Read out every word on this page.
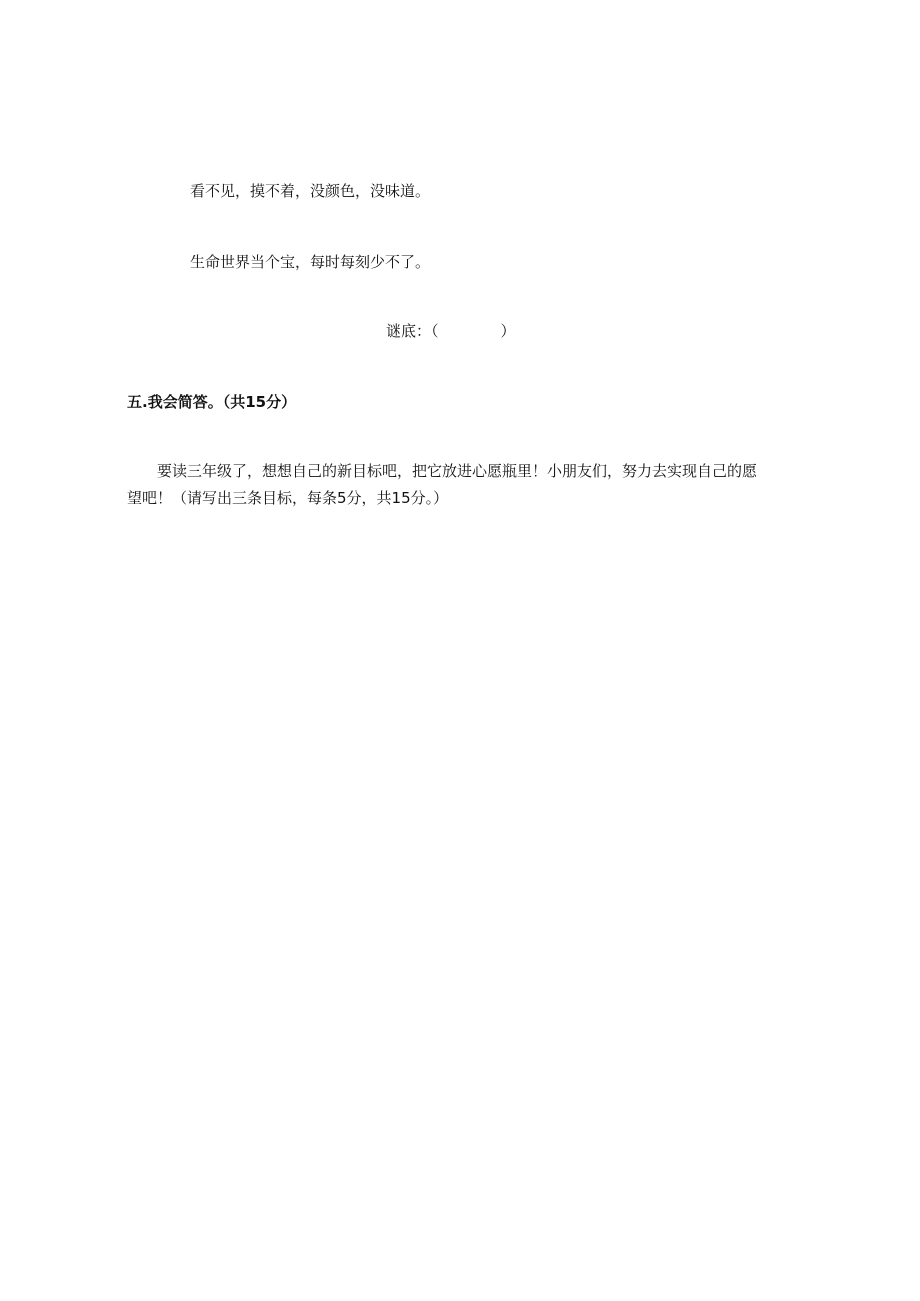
看不见，摸不着，没颜色，没味道。
生命世界当个宝，每时每刻少不了。
谜底：（	）
五.我会简答。（共15分）
要读三年级了，想想自己的新目标吧，把它放进心愿瓶里！小朋友们，努力去实现自己的愿
望吧！（请写出三条目标，每条5分，共15分。）
